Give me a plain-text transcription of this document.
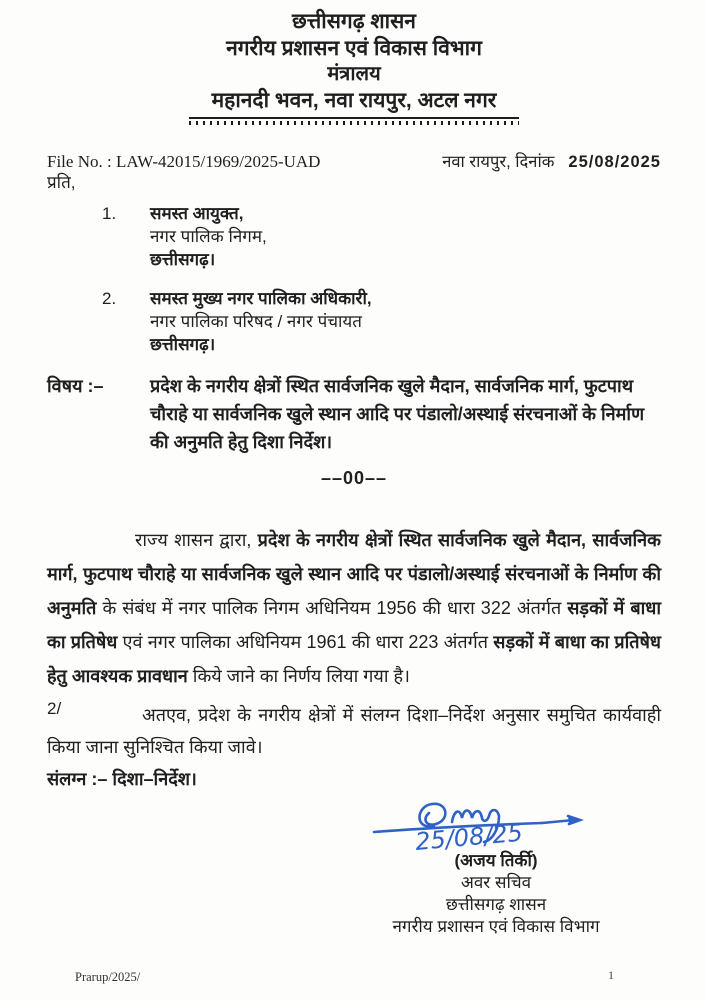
छत्तीसगढ़ शासन
नगरीय प्रशासन एवं विकास विभाग
मंत्रालय
महानदी भवन, नवा रायपुर, अटल नगर
File No. : LAW-42015/1969/2025-UAD	नवा रायपुर, दिनांक 25/08/2025
प्रति,
1.	समस्त आयुक्त,
नगर पालिक निगम,
छत्तीसगढ़।
2.	समस्त मुख्य नगर पालिका अधिकारी,
नगर पालिका परिषद / नगर पंचायत
छत्तीसगढ़।
विषय :–	प्रदेश के नगरीय क्षेत्रों स्थित सार्वजनिक खुले मैदान, सार्वजनिक मार्ग, फुटपाथ चौराहे या सार्वजनिक खुले स्थान आदि पर पंडालो/अस्थाई संरचनाओं के निर्माण की अनुमति हेतु दिशा निर्देश।
––00––

राज्य शासन द्वारा, प्रदेश के नगरीय क्षेत्रों स्थित सार्वजनिक खुले मैदान, सार्वजनिक मार्ग, फुटपाथ चौराहे या सार्वजनिक खुले स्थान आदि पर पंडालो/अस्थाई संरचनाओं के निर्माण की अनुमति के संबंध में नगर पालिक निगम अधिनियम 1956 की धारा 322 अंतर्गत सड़कों में बाधा का प्रतिषेध एवं नगर पालिका अधिनियम 1961 की धारा 223 अंतर्गत सड़कों में बाधा का प्रतिषेध हेतु आवश्यक प्रावधान किये जाने का निर्णय लिया गया है।

2/	अतएव, प्रदेश के नगरीय क्षेत्रों में संलग्न दिशा–निर्देश अनुसार समुचित कार्यवाही किया जाना सुनिश्चित किया जावे।

संलग्न :– दिशा–निर्देश।
25/08/25
(अजय तिर्की)
अवर सचिव
छत्तीसगढ़ शासन
नगरीय प्रशासन एवं विकास विभाग
Prarup/2025/	1
